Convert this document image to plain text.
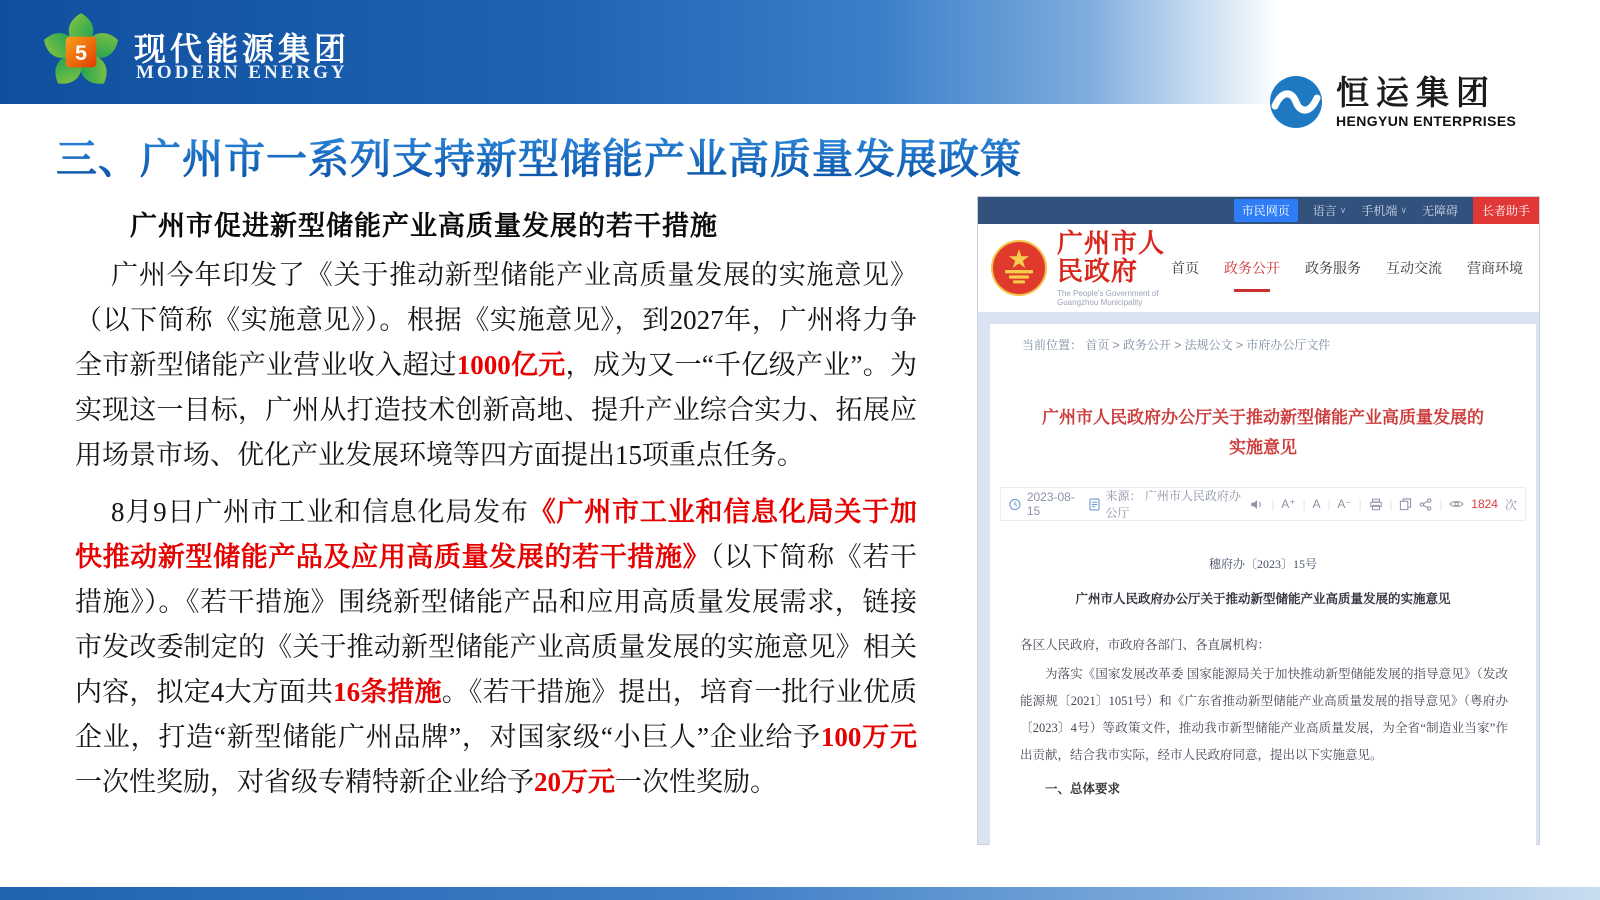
5 现代能源集团
MODERN ENERGY
恒运集团
HENGYUN ENTERPRISES
三、广州市一系列支持新型储能产业高质量发展政策
广州市促进新型储能产业高质量发展的若干措施

广州今年印发了《关于推动新型储能产业高质量发展的实施意见》（以下简称《实施意见》）。根据《实施意见》，到2027年，广州将力争全市新型储能产业营业收入超过1000亿元，成为又一“千亿级产业”。为实现这一目标，广州从打造技术创新高地、提升产业综合实力、拓展应用场景市场、优化产业发展环境等四方面提出15项重点任务。

8月9日广州市工业和信息化局发布《广州市工业和信息化局关于加快推动新型储能产品及应用高质量发展的若干措施》（以下简称《若干措施》）。《若干措施》围绕新型储能产品和应用高质量发展需求，链接市发改委制定的《关于推动新型储能产业高质量发展的实施意见》相关内容，拟定4大方面共16条措施。《若干措施》提出，培育一批行业优质企业，打造“新型储能广州品牌”，对国家级“小巨人”企业给予100万元一次性奖励，对省级专精特新企业给予20万元一次性奖励。

市民网页	语言 ∨ 手机端 ∨ 无障碍	长者助手
广州市人民政府
The People's Government of Guangzhou Municipality
首页 政务公开 政务服务 互动交流 营商环境
当前位置： 首页 > 政务公开 > 法规公文 > 市府办公厅文件
广州市人民政府办公厅关于推动新型储能产业高质量发展的
实施意见
2023-08-15
来源： 广州市人民政府办公厅
|
A⁺ | A | A⁻ | | |	1824 次
穗府办〔2023〕15号
广州市人民政府办公厅关于推动新型储能产业高质量发展的实施意见
各区人民政府，市政府各部门、各直属机构：
为落实《国家发展改革委 国家能源局关于加快推动新型储能发展的指导意见》（发改能源规〔2021〕1051号）和《广东省推动新型储能产业高质量发展的指导意见》（粤府办〔2023〕4号）等政策文件，推动我市新型储能产业高质量发展，为全省“制造业当家”作出贡献，结合我市实际，经市人民政府同意，提出以下实施意见。
一、总体要求
